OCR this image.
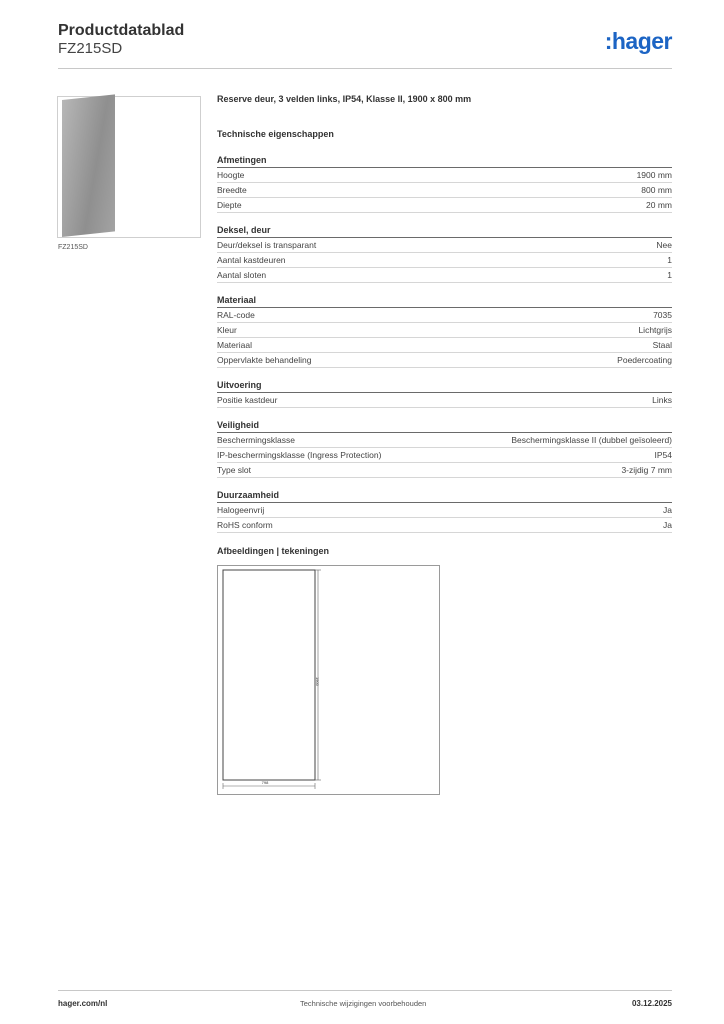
Productdatablad
FZ215SD	:hager
FZ215SD
Reserve deur, 3 velden links, IP54, Klasse II, 1900 x 800 mm
Technische eigenschappen
Afmetingen
Hoogte	1900 mm
Breedte	800 mm
Diepte	20 mm
Deksel, deur
Deur/deksel is transparant	Nee
Aantal kastdeuren	1
Aantal sloten	1
Materiaal
RAL-code	7035
Kleur	Lichtgrijs
Materiaal	Staal
Oppervlakte behandeling	Poedercoating
Uitvoering
Positie kastdeur	Links
Veiligheid
Beschermingsklasse	Beschermingsklasse II (dubbel geïsoleerd)
IP-beschermingsklasse (Ingress Protection)	IP54
Type slot	3-zijdig 7 mm
Duurzaamheid
Halogeenvrij	Ja
RoHS conform	Ja
Afbeeldingen | tekeningen
1900
798
hager.com/nl	Technische wijzigingen voorbehouden	03.12.2025
